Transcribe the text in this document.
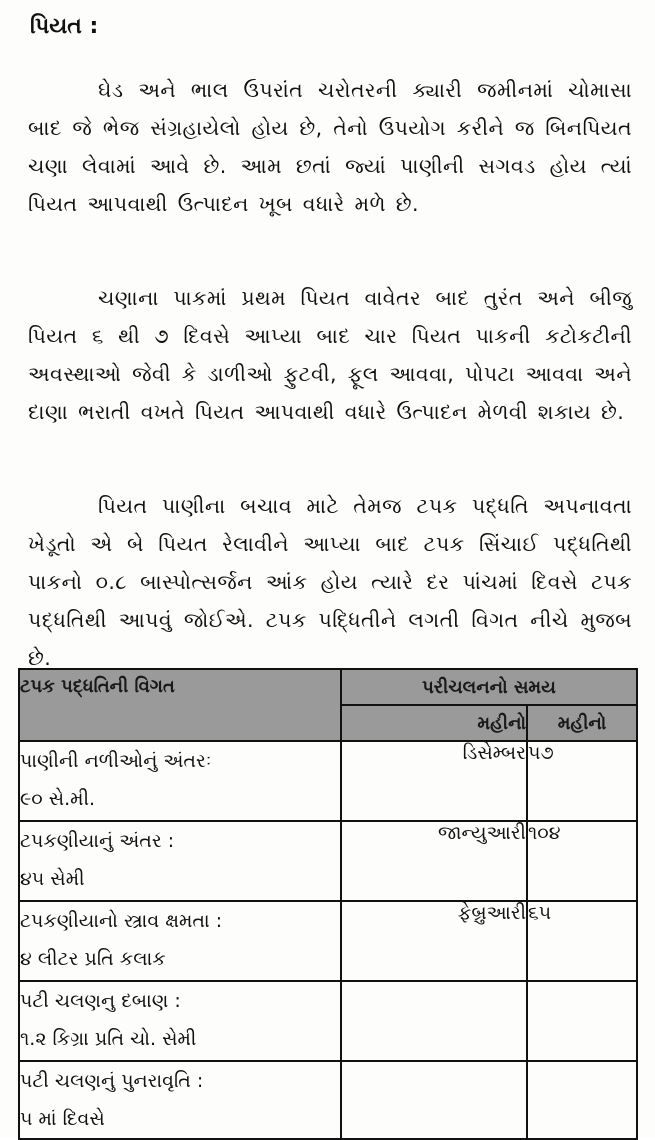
પિયત :

ઘેડ અને ભાલ ઉપરાંત ચરોતરની ક્યારી જમીનમાં ચોમાસા બાદ જે ભેજ સંગ્રહાયેલો હોય છે, તેનો ઉપયોગ કરીને જ બિનપિયત ચણા લેવામાં આવે છે. આમ છતાં જ્યાં પાણીની સગવડ હોય ત્યાં પિયત આપવાથી ઉત્પાદન ખૂબ વધારે મળે છે.

ચણાના પાકમાં પ્રથમ પિયત વાવેતર બાદ તુરંત અને બીજુ પિયત ૬ થી ૭ દિવસે આપ્યા બાદ ચાર પિયત પાકની કટોકટીની અવસ્થાઓ જેવી કે ડાળીઓ ફુટવી, ફૂલ આવવા, પોપટા આવવા અને દાણા ભરાતી વખતે પિયત આપવાથી વધારે ઉત્પાદન મેળવી શકાય છે.

પિયત પાણીના બચાવ માટે તેમજ ટપક પદ્ધતિ અપનાવતા ખેડૂતો એ બે પિયત રેલાવીને આપ્યા બાદ ટપક સિંચાઈ પદ્ધતિથી પાકનો ૦.૮ બાસ્પોત્સર્જન આંક હોય ત્યારે દર પાંચમાં દિવસે ટપક પદ્ધતિથી આપવું જોઈએ. ટપક પદ્ધિતીને લગતી વિગત નીચે મુજબ છે.

ટપક પદ્ધતિની વિગત	પરીચલનનો સમય	
	મહીનો	મહીનો

પાણીની નળીઓનું અંતરઃ
૯૦ સે.મી.	ડિસેમ્બર	૫૭

ટપકણીયાનું અંતર :
૪૫ સેમી	જાન્યુઆરી	૧૦૪

ટપકણીયાનો સ્ત્રાવ ક્ષમતા :
૪ લીટર પ્રતિ કલાક	ફેબ્રુઆરી	૬૫

પટી ચલણનુ દબાણ :
૧.૨ કિગ્રા પ્રતિ ચો. સેમી		

પટી ચલણનું પુનરાવૃતિ :
૫ માં દિવસે		
